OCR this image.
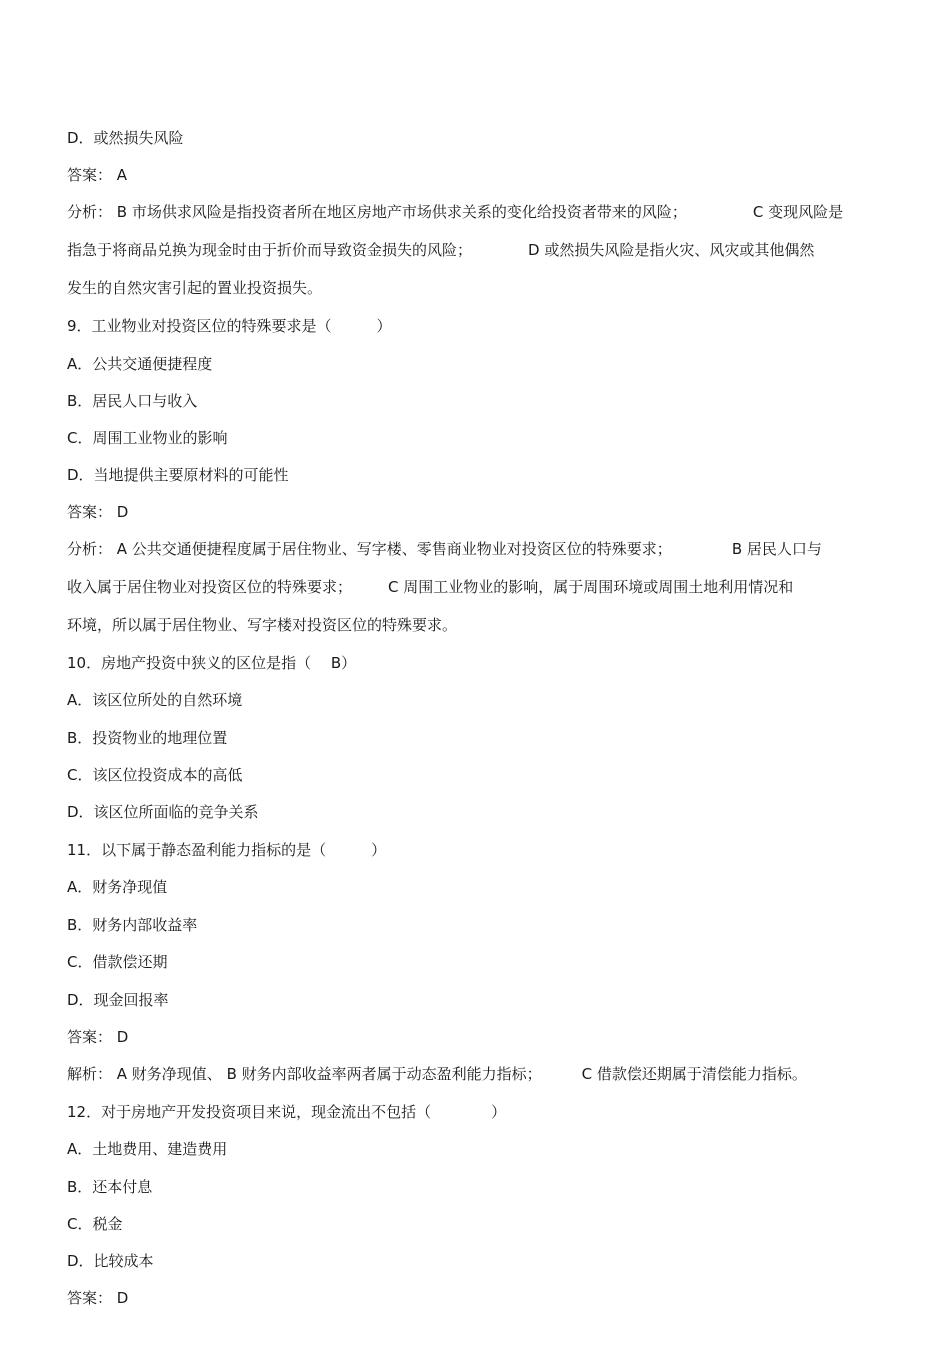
D．或然损失风险
答案： A
分析： B 市场供求风险是指投资者所在地区房地产市场供求关系的变化给投资者带来的风险；	C 变现风险是
指急于将商品兑换为现金时由于折价而导致资金损失的风险；	D 或然损失风险是指火灾、风灾或其他偶然
发生的自然灾害引起的置业投资损失。
9．工业物业对投资区位的特殊要求是（　　　）
A．公共交通便捷程度
B．居民人口与收入
C．周围工业物业的影响
D．当地提供主要原材料的可能性
答案： D
分析： A 公共交通便捷程度属于居住物业、写字楼、零售商业物业对投资区位的特殊要求；	B 居民人口与
收入属于居住物业对投资区位的特殊要求； C 周围工业物业的影响，属于周围环境或周围土地利用情况和
环境，所以属于居住物业、写字楼对投资区位的特殊要求。
10．房地产投资中狭义的区位是指（　 B）
A．该区位所处的自然环境
B．投资物业的地理位置
C．该区位投资成本的高低
D．该区位所面临的竞争关系
11．以下属于静态盈利能力指标的是（　　　）
A．财务净现值
B．财务内部收益率
C．借款偿还期
D．现金回报率
答案： D
解析： A 财务净现值、 B 财务内部收益率两者属于动态盈利能力指标；	C 借款偿还期属于清偿能力指标。
12．对于房地产开发投资项目来说，现金流出不包括（　　　　）
A．土地费用、建造费用
B．还本付息
C．税金
D．比较成本
答案： D
